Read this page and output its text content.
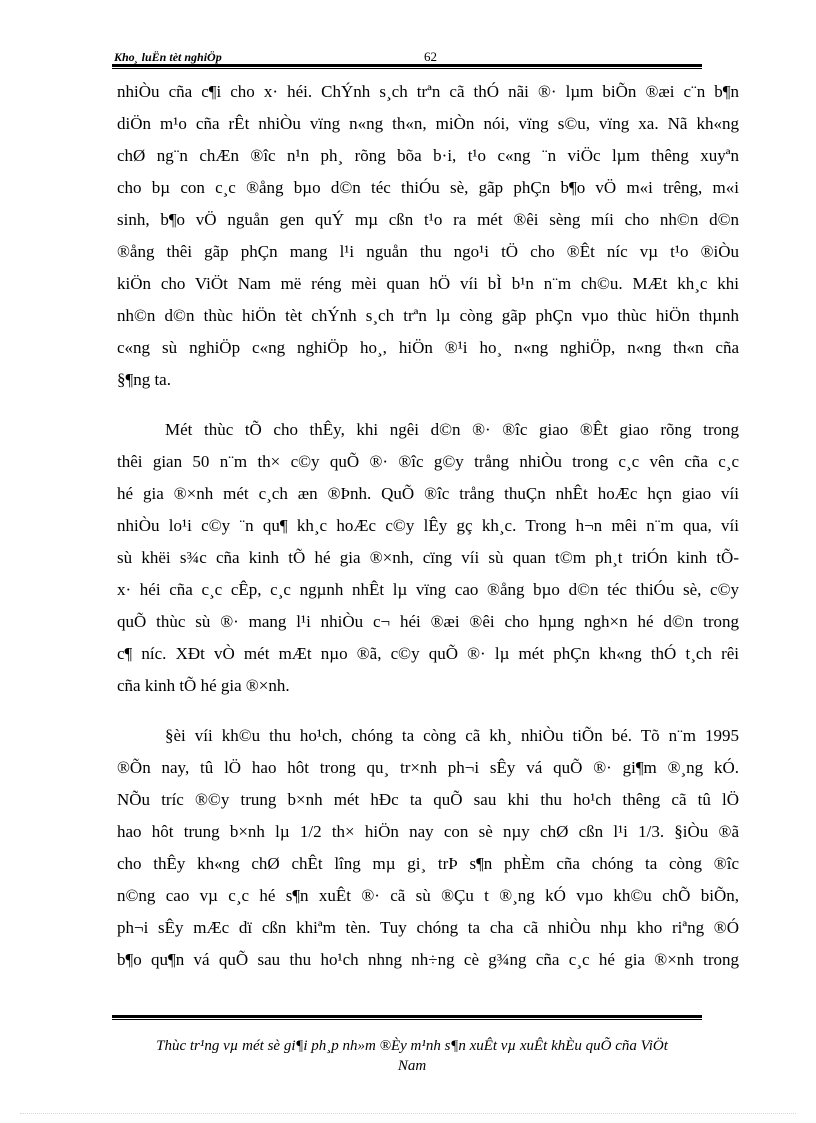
Kho¸ luËn tèt nghiÖp	62
nhiÒu cña c¶i cho x· héi. ChÝnh s¸ch trªn cã thÓ nãi ®· lµm biÕn ®æi c¨n b¶n
diÖn m¹o cña rÊt nhiÒu vïng n«ng th«n, miÒn nói, vïng s©u, vïng xa. Nã kh«ng
chØ ng¨n chÆn ®îc n¹n ph¸ rõng bõa b·i, t¹o c«ng ¨n viÖc lµm thêng xuyªn
cho bµ con c¸c ®ång bµo d©n téc thiÓu sè, gãp phÇn b¶o vÖ m«i trêng, m«i
sinh, b¶o vÖ nguån gen quÝ mµ cßn t¹o ra mét ®êi sèng míi cho nh©n d©n
®ång thêi gãp phÇn mang l¹i nguån thu ngo¹i tÖ cho ®Êt níc vµ t¹o ®iÒu
kiÖn cho ViÖt Nam më réng mèi quan hÖ víi bÌ b¹n n¨m ch©u. MÆt kh¸c khi
nh©n d©n thùc hiÖn tèt chÝnh s¸ch trªn lµ còng gãp phÇn vµo thùc hiÖn thµnh
c«ng sù nghiÖp c«ng nghiÖp ho¸, hiÖn ®¹i ho¸ n«ng nghiÖp, n«ng th«n cña
§¶ng ta.
Mét thùc tÕ cho thÊy, khi ngêi d©n ®· ®îc giao ®Êt giao rõng trong
thêi gian 50 n¨m th× c©y quÕ ®· ®îc g©y trång nhiÒu trong c¸c vên cña c¸c
hé gia ®×nh mét c¸ch æn ®Þnh. QuÕ ®îc trång thuÇn nhÊt hoÆc hçn giao víi
nhiÒu lo¹i c©y ¨n qu¶ kh¸c hoÆc c©y lÊy gç kh¸c. Trong h¬n mêi n¨m qua, víi
sù khëi s¾c cña kinh tÕ hé gia ®×nh, cïng víi sù quan t©m ph¸t triÓn kinh tÕ-
x· héi cña c¸c cÊp, c¸c ngµnh nhÊt lµ vïng cao ®ång bµo d©n téc thiÓu sè, c©y
quÕ thùc sù ®· mang l¹i nhiÒu c¬ héi ®æi ®êi cho hµng ngh×n hé d©n trong
c¶ níc. XÐt vÒ mét mÆt nµo ®ã, c©y quÕ ®· lµ mét phÇn kh«ng thÓ t¸ch rêi
cña kinh tÕ hé gia ®×nh.
§èi víi kh©u thu ho¹ch, chóng ta còng cã kh¸ nhiÒu tiÕn bé. Tõ n¨m 1995
®Õn nay, tû lÖ hao hôt trong qu¸ tr×nh ph¬i sÊy vá quÕ ®· gi¶m ®¸ng kÓ.
NÕu tríc ®©y trung b×nh mét hÐc ta quÕ sau khi thu ho¹ch thêng cã tû lÖ
hao hôt trung b×nh lµ 1/2 th× hiÖn nay con sè nµy chØ cßn l¹i 1/3. §iÒu ®ã
cho thÊy kh«ng chØ chÊt lîng mµ gi¸ trÞ s¶n phÈm cña chóng ta còng ®îc
n©ng cao vµ c¸c hé s¶n xuÊt ®· cã sù ®Çu t ®¸ng kÓ vµo kh©u chÕ biÕn,
ph¬i sÊy mÆc dï cßn khiªm tèn. Tuy chóng ta cha cã nhiÒu nhµ kho riªng ®Ó
b¶o qu¶n vá quÕ sau thu ho¹ch nhng nh÷ng cè g¾ng cña c¸c hé gia ®×nh trong
Thùc tr¹ng vµ mét sè gi¶i ph¸p nh»m ®Èy m¹nh s¶n xuÊt vµ xuÊt khÈu quÕ cña ViÖt
Nam
